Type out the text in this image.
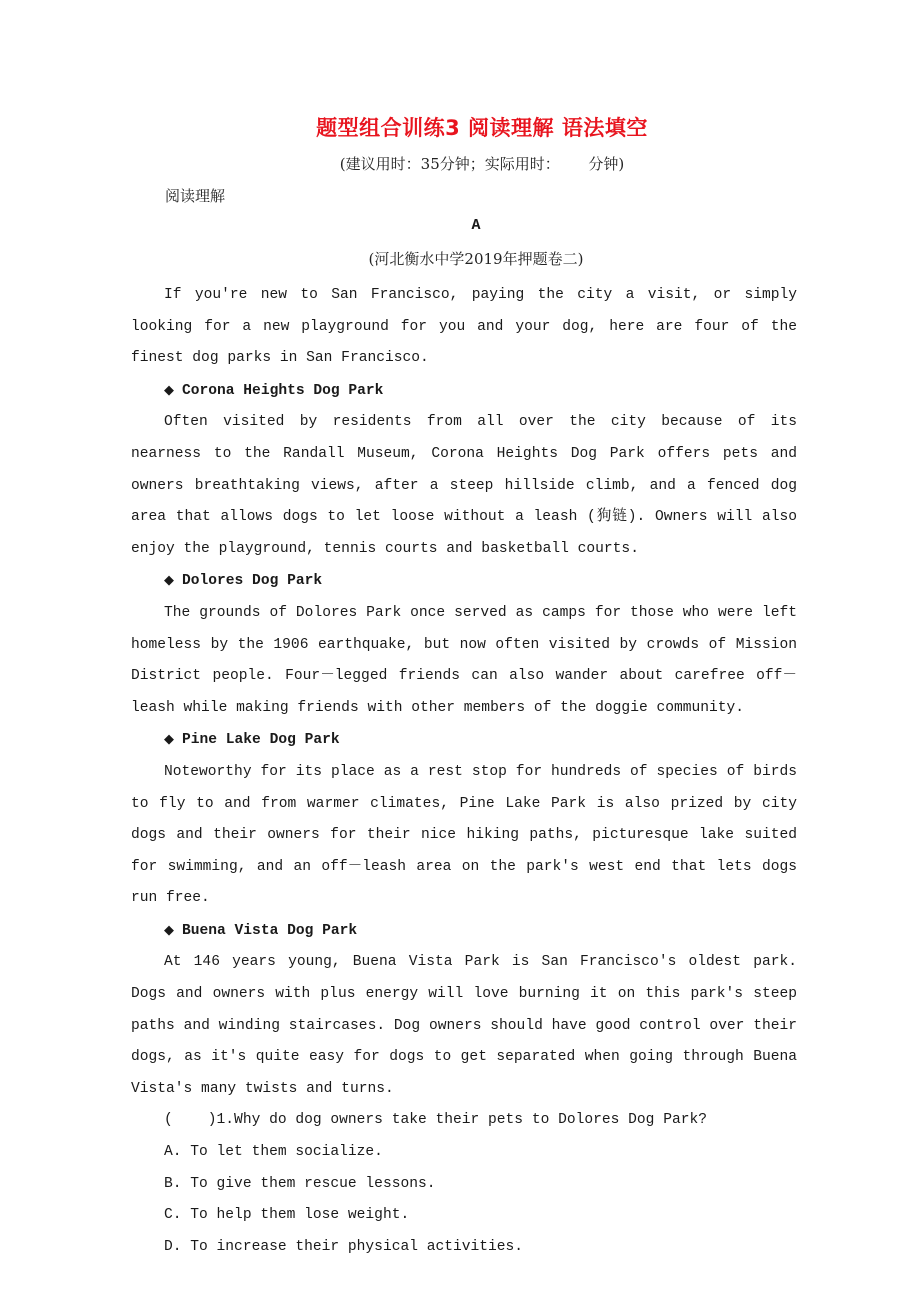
题型组合训练3 阅读理解 语法填空
(建议用时：35分钟；实际用时：      分钟)
阅读理解
A
(河北衡水中学2019年押题卷二)

If you're new to San Francisco, paying the city a visit, or simply looking for a new playground for you and your dog, here are four of the finest dog parks in San Francisco.

◆ Corona Heights Dog Park

Often visited by residents from all over the city because of its nearness to the Randall Museum, Corona Heights Dog Park offers pets and owners breathtaking views, after a steep hillside climb, and a fenced dog area that allows dogs to let loose without a leash (狗链). Owners will also enjoy the playground, tennis courts and basketball courts.

◆ Dolores Dog Park

The grounds of Dolores Park once served as camps for those who were left homeless by the 1906 earthquake, but now often visited by crowds of Mission District people. Four－legged friends can also wander about carefree off－leash while making friends with other members of the doggie community.

◆ Pine Lake Dog Park

Noteworthy for its place as a rest stop for hundreds of species of birds to fly to and from warmer climates, Pine Lake Park is also prized by city dogs and their owners for their nice hiking paths, picturesque lake suited for swimming, and an off－leash area on the park's west end that lets dogs run free.

◆ Buena Vista Dog Park

At 146 years young, Buena Vista Park is San Francisco's oldest park. Dogs and owners with plus energy will love burning it on this park's steep paths and winding staircases. Dog owners should have good control over their dogs, as it's quite easy for dogs to get separated when going through Buena Vista's many twists and turns.

(    )1.Why do dog owners take their pets to Dolores Dog Park?

A. To let them socialize.

B. To give them rescue lessons.

C. To help them lose weight.

D. To increase their physical activities.
